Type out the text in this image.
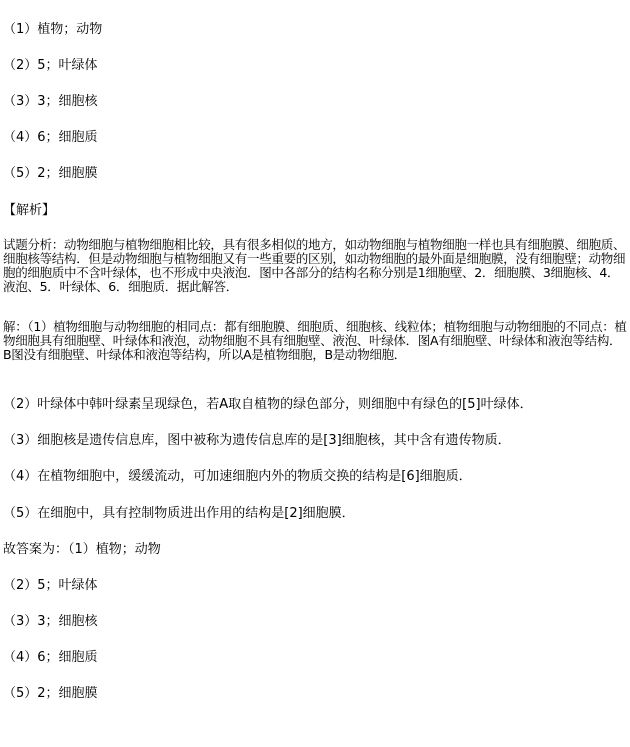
（1）植物；动物
（2）5；叶绿体
（3）3；细胞核
（4）6；细胞质
（5）2；细胞膜
【解析】
试题分析：动物细胞与植物细胞相比较，具有很多相似的地方，如动物细胞与植物细胞一样也具有细胞膜、细胞质、细胞核等结构．但是动物细胞与植物细胞又有一些重要的区别，如动物细胞的最外面是细胞膜，没有细胞壁；动物细胞的细胞质中不含叶绿体，也不形成中央液泡．图中各部分的结构名称分别是1细胞壁、2．细胞膜、3细胞核、4．液泡、5．叶绿体、6．细胞质．据此解答．
解：（1）植物细胞与动物细胞的相同点：都有细胞膜、细胞质、细胞核、线粒体；植物细胞与动物细胞的不同点：植物细胞具有细胞壁、叶绿体和液泡，动物细胞不具有细胞壁、液泡、叶绿体．图A有细胞壁、叶绿体和液泡等结构．B图没有细胞壁、叶绿体和液泡等结构，所以A是植物细胞，B是动物细胞．
（2）叶绿体中韩叶绿素呈现绿色，若A取自植物的绿色部分，则细胞中有绿色的[5]叶绿体．
（3）细胞核是遗传信息库，图中被称为遗传信息库的是[3]细胞核，其中含有遗传物质．
（4）在植物细胞中，缓缓流动，可加速细胞内外的物质交换的结构是[6]细胞质．
（5）在细胞中，具有控制物质进出作用的结构是[2]细胞膜．
故答案为：（1）植物；动物
（2）5；叶绿体
（3）3；细胞核
（4）6；细胞质
（5）2；细胞膜
